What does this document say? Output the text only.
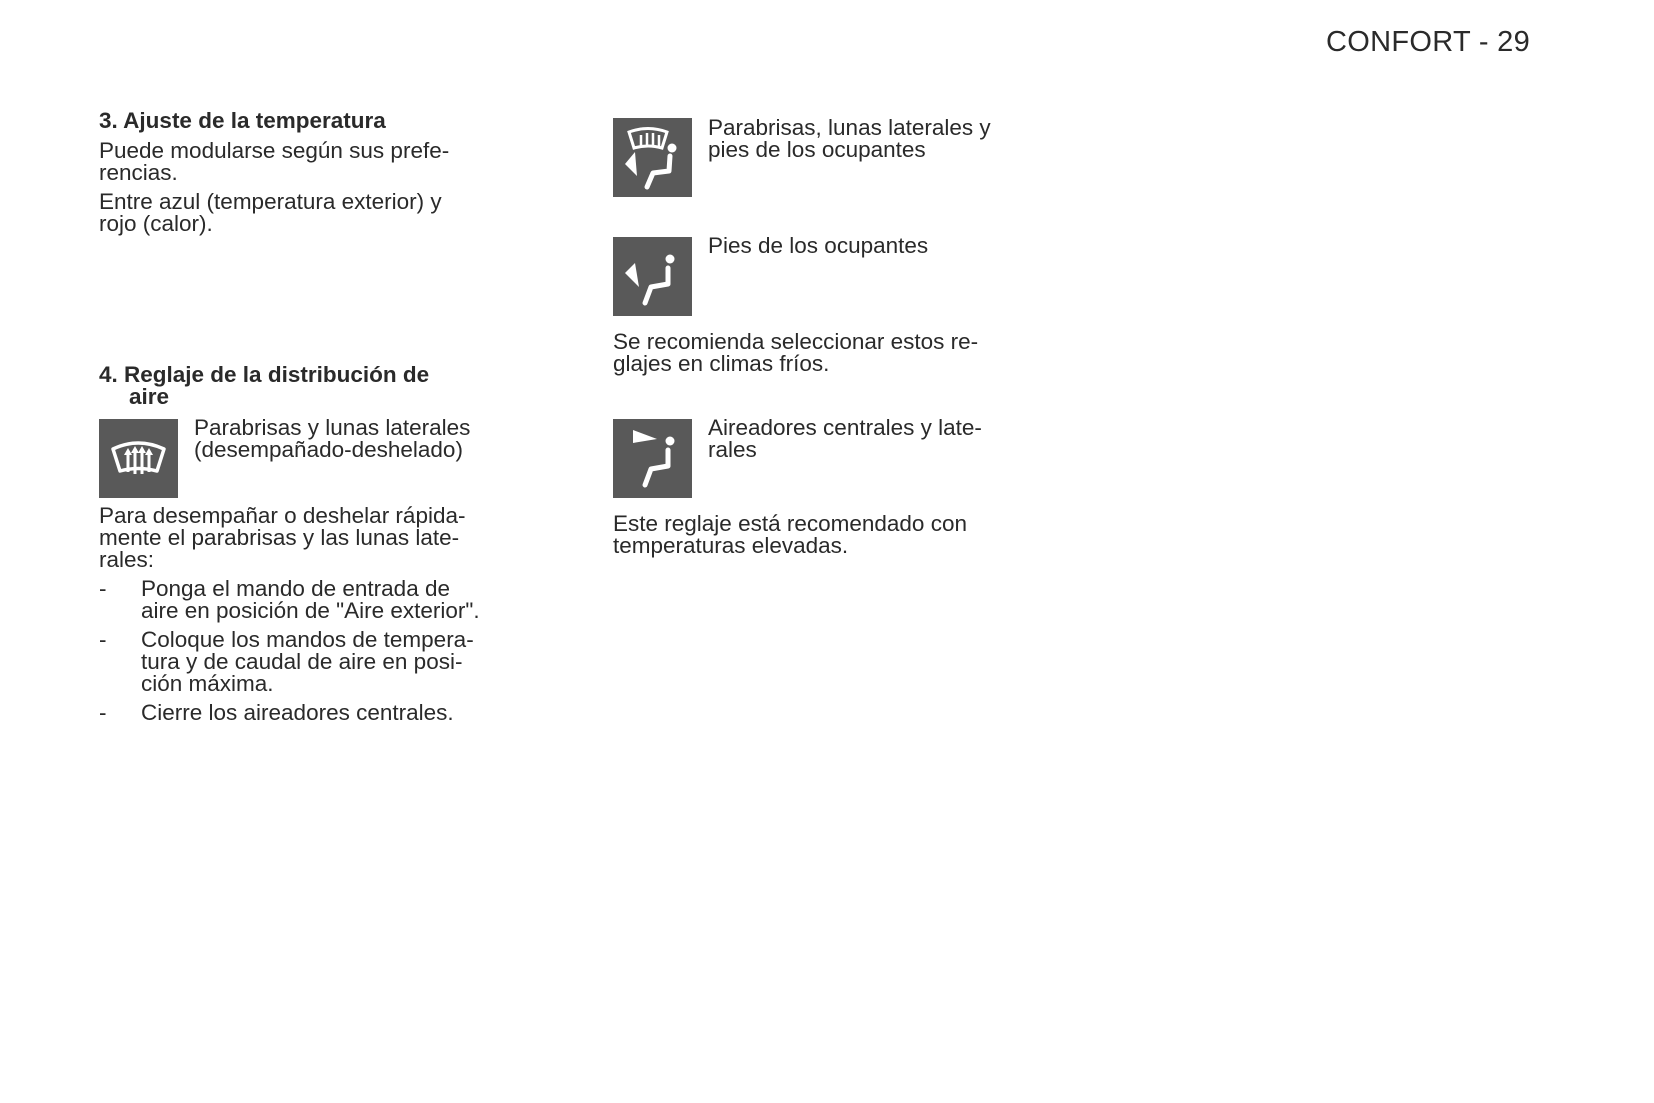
CONFORT - 29
3. Ajuste de la temperatura

Puede modularse según sus prefe-
rencias.

Entre azul (temperatura exterior) y
rojo (calor).

4. Reglaje de la distribución de
aire
Parabrisas y lunas laterales
(desempañado-deshelado)

Para desempañar o deshelar rápida-
mente el parabrisas y las lunas late-
rales:

- Ponga el mando de entrada de
aire en posición de "Aire exterior".
- Coloque los mandos de tempera-
tura y de caudal de aire en posi-
ción máxima.
- Cierre los aireadores centrales.
Parabrisas, lunas laterales y
pies de los ocupantes
Pies de los ocupantes

Se recomienda seleccionar estos re-
glajes en climas fríos.

Aireadores centrales y late-
rales

Este reglaje está recomendado con
temperaturas elevadas.
